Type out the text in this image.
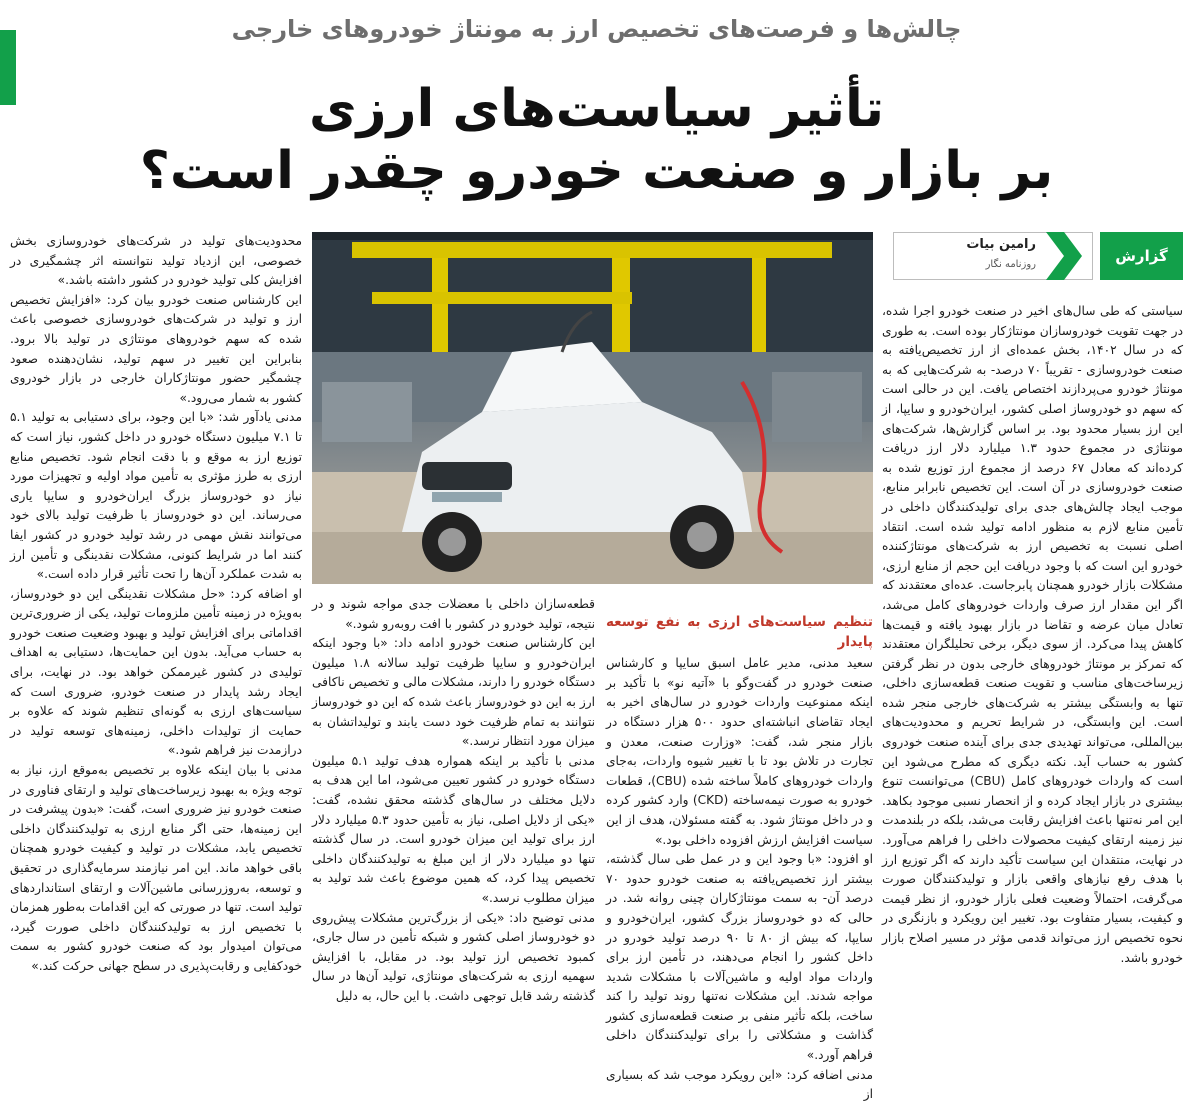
چالش‌ها و فرصت‌های تخصیص ارز به مونتاژ خودروهای خارجی
تأثیر سیاست‌های ارزی
بر بازار و صنعت خودرو چقدر است؟
گزارش
رامین بیات
روزنامه نگار

سیاستی که طی سال‌های اخیر در صنعت خودرو اجرا شده، در جهت تقویت خودروسازان مونتاژکار بوده است. به طوری که در سال ۱۴۰۲، بخش عمده‌ای از ارز تخصیص‌یافته به صنعت خودروسازی - تقریباً ۷۰ درصد- به شرکت‌هایی که به مونتاژ خودرو می‌پردازند اختصاص یافت. این در حالی است که سهم دو خودروساز اصلی کشور، ایران‌خودرو و سایپا، از این ارز بسیار محدود بود. بر اساس گزارش‌ها، شرکت‌های مونتاژی در مجموع حدود ۱.۳ میلیارد دلار ارز دریافت کرده‌اند که معادل ۶۷ درصد از مجموع ارز توزیع شده به صنعت خودروسازی در آن است. این تخصیص نابرابر منابع، موجب ایجاد چالش‌های جدی برای تولیدکنندگان داخلی در تأمین منابع لازم به منظور ادامه تولید شده است. انتقاد اصلی نسبت به تخصیص ارز به شرکت‌های مونتاژکننده خودرو این است که با وجود دریافت این حجم از منابع ارزی، مشکلات بازار خودرو همچنان پابرجاست. عده‌ای معتقدند که اگر این مقدار ارز صرف واردات خودروهای کامل می‌شد، تعادل میان عرضه و تقاضا در بازار بهبود یافته و قیمت‌ها کاهش پیدا می‌کرد. از سوی دیگر، برخی تحلیلگران معتقدند که تمرکز بر مونتاژ خودروهای خارجی بدون در نظر گرفتن زیرساخت‌های مناسب و تقویت صنعت قطعه‌سازی داخلی، تنها به وابستگی بیشتر به شرکت‌های خارجی منجر شده است. این وابستگی، در شرایط تحریم و محدودیت‌های بین‌المللی، می‌تواند تهدیدی جدی برای آینده صنعت خودروی کشور به حساب آید. نکته دیگری که مطرح می‌شود این است که واردات خودروهای کامل (CBU) می‌توانست تنوع بیشتری در بازار ایجاد کرده و از انحصار نسبی موجود بکاهد. این امر نه‌تنها باعث افزایش رقابت می‌شد، بلکه در بلندمدت نیز زمینه ارتقای کیفیت محصولات داخلی را فراهم می‌آورد. در نهایت، منتقدان این سیاست تأکید دارند که اگر توزیع ارز با هدف رفع نیازهای واقعی بازار و تولیدکنندگان صورت می‌گرفت، احتمالاً وضعیت فعلی بازار خودرو، از نظر قیمت و کیفیت، بسیار متفاوت بود. تغییر این رویکرد و بازنگری در نحوه تخصیص ارز می‌تواند قدمی مؤثر در مسیر اصلاح بازار خودرو باشد.

تنظیم سیاست‌های ارزی به نفع توسعه پایدار

سعید مدنی، مدیر عامل اسبق سایپا و کارشناس صنعت خودرو در گفت‌وگو با «آتیه نو» با تأکید بر اینکه ممنوعیت واردات خودرو در سال‌های اخیر به ایجاد تقاضای انباشته‌ای حدود ۵۰۰ هزار دستگاه در بازار منجر شد، گفت: «وزارت صنعت، معدن و تجارت در تلاش بود تا با تغییر شیوه واردات، به‌جای واردات خودروهای کاملاً ساخته شده (CBU)، قطعات خودرو به صورت نیمه‌ساخته (CKD) وارد کشور کرده و در داخل مونتاژ شود. به گفته مسئولان، هدف از این سیاست افزایش ارزش افزوده داخلی بود.»

او افزود: «با وجود این و در عمل طی سال گذشته، بیشتر ارز تخصیص‌یافته به صنعت خودرو حدود ۷۰ درصد آن- به سمت مونتاژکاران چینی روانه شد. در حالی که دو خودروساز بزرگ کشور، ایران‌خودرو و سایپا، که بیش از ۸۰ تا ۹۰ درصد تولید خودرو در داخل کشور را انجام می‌دهند، در تأمین ارز برای واردات مواد اولیه و ماشین‌آلات با مشکلات شدید مواجه شدند. این مشکلات نه‌تنها روند تولید را کند ساخت، بلکه تأثیر منفی بر صنعت قطعه‌سازی کشور گذاشت و مشکلاتی را برای تولیدکنندگان داخلی فراهم آورد.»

مدنی اضافه کرد: «این رویکرد موجب شد که بسیاری از

قطعه‌سازان داخلی با معضلات جدی مواجه شوند و در نتیجه، تولید خودرو در کشور با افت روبه‌رو شود.»

این کارشناس صنعت خودرو ادامه داد: «با وجود اینکه ایران‌خودرو و سایپا ظرفیت تولید سالانه ۱.۸ میلیون دستگاه خودرو را دارند، مشکلات مالی و تخصیص ناکافی ارز به این دو خودروساز باعث شده که این دو خودروساز نتوانند به تمام ظرفیت خود دست یابند و تولیداتشان به میزان مورد انتظار نرسد.»

مدنی با تأکید بر اینکه همواره هدف تولید ۵.۱ میلیون دستگاه خودرو در کشور تعیین می‌شود، اما این هدف به دلایل مختلف در سال‌های گذشته محقق نشده، گفت: «یکی از دلایل اصلی، نیاز به تأمین حدود ۵.۳ میلیارد دلار ارز برای تولید این میزان خودرو است. در سال گذشته تنها دو میلیارد دلار از این مبلغ به تولیدکنندگان داخلی تخصیص پیدا کرد، که همین موضوع باعث شد تولید به میزان مطلوب نرسد.»

مدنی توضیح داد: «یکی از بزرگ‌ترین مشکلات پیش‌روی دو خودروساز اصلی کشور و شبکه تأمین در سال جاری، کمبود تخصیص ارز تولید بود. در مقابل، با افزایش سهمیه ارزی به شرکت‌های مونتاژی، تولید آن‌ها در سال گذشته رشد قابل توجهی داشت. با این حال، به دلیل

محدودیت‌های تولید در شرکت‌های خودروسازی بخش خصوصی، این ازدیاد تولید نتوانسته اثر چشمگیری در افزایش کلی تولید خودرو در کشور داشته باشد.»

این کارشناس صنعت خودرو بیان کرد: «افزایش تخصیص ارز و تولید در شرکت‌های خودروسازی خصوصی باعث شده که سهم خودروهای مونتاژی در تولید بالا برود. بنابراین این تغییر در سهم تولید، نشان‌دهنده صعود چشمگیر حضور مونتاژکاران خارجی در بازار خودروی کشور به شمار می‌رود.»

مدنی یادآور شد: «با این وجود، برای دستیابی به تولید ۵.۱ تا ۷.۱ میلیون دستگاه خودرو در داخل کشور، نیاز است که توزیع ارز به موقع و با دقت انجام شود. تخصیص منابع ارزی به طرز مؤثری به تأمین مواد اولیه و تجهیزات مورد نیاز دو خودروساز بزرگ ایران‌خودرو و سایپا یاری می‌رساند. این دو خودروساز با ظرفیت تولید بالای خود می‌توانند نقش مهمی در رشد تولید خودرو در کشور ایفا کنند اما در شرایط کنونی، مشکلات نقدینگی و تأمین ارز به شدت عملکرد آن‌ها را تحت تأثیر قرار داده است.»

او اضافه کرد: «حل مشکلات نقدینگی این دو خودروساز، به‌ویژه در زمینه تأمین ملزومات تولید، یکی از ضروری‌ترین اقداماتی برای افزایش تولید و بهبود وضعیت صنعت خودرو به حساب می‌آید. بدون این حمایت‌ها، دستیابی به اهداف تولیدی در کشور غیرممکن خواهد بود. در نهایت، برای ایجاد رشد پایدار در صنعت خودرو، ضروری است که سیاست‌های ارزی به گونه‌ای تنظیم شوند که علاوه بر حمایت از تولیدات داخلی، زمینه‌های توسعه تولید در درازمدت نیز فراهم شود.»

مدنی با بیان اینکه علاوه بر تخصیص به‌موقع ارز، نیاز به توجه ویژه به بهبود زیرساخت‌های تولید و ارتقای فناوری در صنعت خودرو نیز ضروری است، گفت: «بدون پیشرفت در این زمینه‌ها، حتی اگر منابع ارزی به تولیدکنندگان داخلی تخصیص یابد، مشکلات در تولید و کیفیت خودرو همچنان باقی خواهد ماند. این امر نیازمند سرمایه‌گذاری در تحقیق و توسعه، به‌روزرسانی ماشین‌آلات و ارتقای استانداردهای تولید است. تنها در صورتی که این اقدامات به‌طور همزمان با تخصیص ارز به تولیدکنندگان داخلی صورت گیرد، می‌توان امیدوار بود که صنعت خودرو کشور به سمت خودکفایی و رقابت‌پذیری در سطح جهانی حرکت کند.»
